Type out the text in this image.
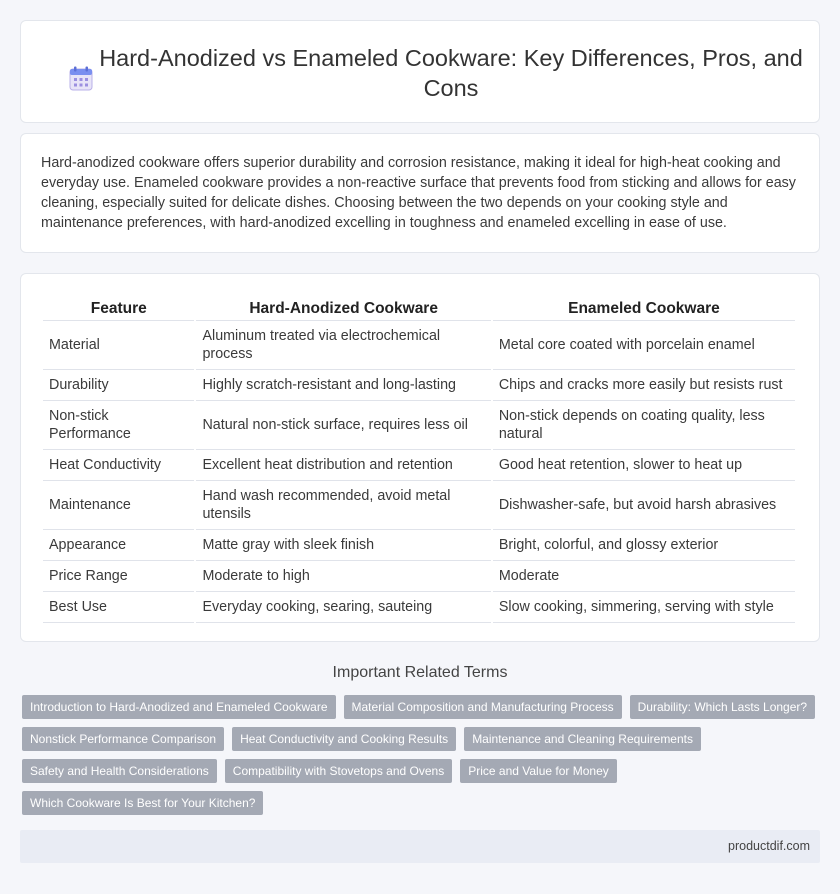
Hard-Anodized vs Enameled Cookware: Key Differences, Pros, and Cons

Hard-anodized cookware offers superior durability and corrosion resistance, making it ideal for high-heat cooking and everyday use. Enameled cookware provides a non-reactive surface that prevents food from sticking and allows for easy cleaning, especially suited for delicate dishes. Choosing between the two depends on your cooking style and maintenance preferences, with hard-anodized excelling in toughness and enameled excelling in ease of use.

Feature	Hard-Anodized Cookware	Enameled Cookware
Material	Aluminum treated via electrochemical process	Metal core coated with porcelain enamel
Durability	Highly scratch-resistant and long-lasting	Chips and cracks more easily but resists rust
Non-stick Performance	Natural non-stick surface, requires less oil	Non-stick depends on coating quality, less natural
Heat Conductivity	Excellent heat distribution and retention	Good heat retention, slower to heat up
Maintenance	Hand wash recommended, avoid metal utensils	Dishwasher-safe, but avoid harsh abrasives
Appearance	Matte gray with sleek finish	Bright, colorful, and glossy exterior
Price Range	Moderate to high	Moderate
Best Use	Everyday cooking, searing, sauteing	Slow cooking, simmering, serving with style
Important Related Terms
Introduction to Hard-Anodized and Enameled Cookware	Material Composition and Manufacturing Process	Durability: Which Lasts Longer?
Nonstick Performance Comparison	Heat Conductivity and Cooking Results	Maintenance and Cleaning Requirements
Safety and Health Considerations	Compatibility with Stovetops and Ovens	Price and Value for Money
Which Cookware Is Best for Your Kitchen?
productdif.com
